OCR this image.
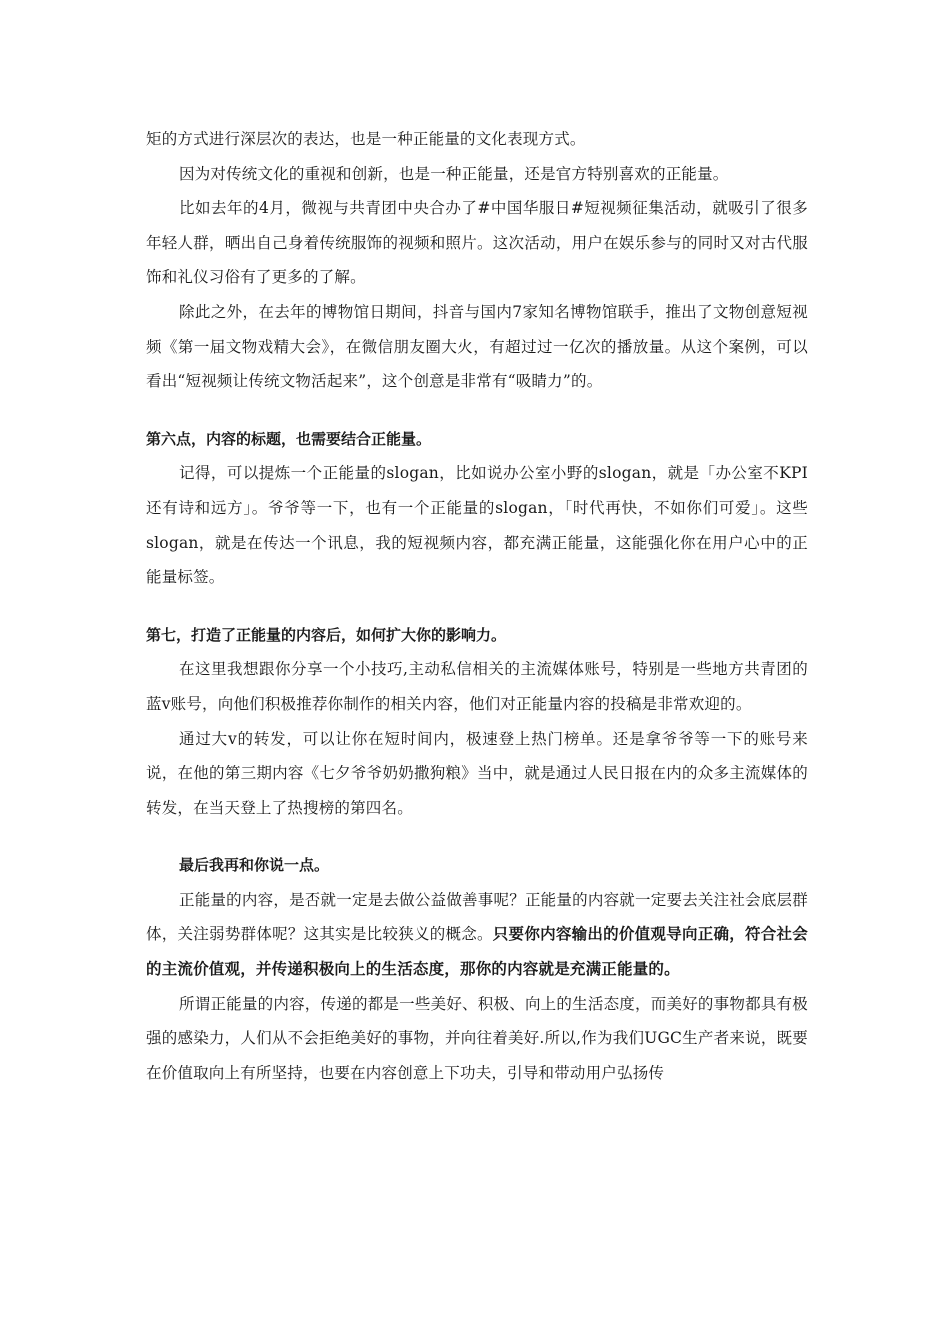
矩的方式进行深层次的表达，也是一种正能量的文化表现方式。

因为对传统文化的重视和创新，也是一种正能量，还是官方特别喜欢的正能量。

比如去年的4月，微视与共青团中央合办了#中国华服日#短视频征集活动，就吸引了很多年轻人群，晒出自己身着传统服饰的视频和照片。这次活动，用户在娱乐参与的同时又对古代服饰和礼仪习俗有了更多的了解。

除此之外，在去年的博物馆日期间，抖音与国内7家知名博物馆联手，推出了文物创意短视频《第一届文物戏精大会》，在微信朋友圈大火，有超过过一亿次的播放量。从这个案例，可以看出“短视频让传统文物活起来”，这个创意是非常有“吸睛力”的。

第六点，内容的标题，也需要结合正能量。

记得，可以提炼一个正能量的slogan，比如说办公室小野的slogan，就是「办公室不KPI还有诗和远方」。爷爷等一下，也有一个正能量的slogan，「时代再快，不如你们可爱」。这些slogan，就是在传达一个讯息，我的短视频内容，都充满正能量，这能强化你在用户心中的正能量标签。

第七，打造了正能量的内容后，如何扩大你的影响力。

在这里我想跟你分享一个小技巧,主动私信相关的主流媒体账号，特别是一些地方共青团的蓝v账号，向他们积极推荐你制作的相关内容，他们对正能量内容的投稿是非常欢迎的。

通过大v的转发，可以让你在短时间内，极速登上热门榜单。还是拿爷爷等一下的账号来说，在他的第三期内容《七夕爷爷奶奶撒狗粮》当中，就是通过人民日报在内的众多主流媒体的转发，在当天登上了热搜榜的第四名。

最后我再和你说一点。

正能量的内容，是否就一定是去做公益做善事呢？正能量的内容就一定要去关注社会底层群体，关注弱势群体呢？这其实是比较狭义的概念。只要你内容输出的价值观导向正确，符合社会的主流价值观，并传递积极向上的生活态度，那你的内容就是充满正能量的。

所谓正能量的内容，传递的都是一些美好、积极、向上的生活态度，而美好的事物都具有极强的感染力，人们从不会拒绝美好的事物，并向往着美好.所以,作为我们UGC生产者来说，既要在价值取向上有所坚持，也要在内容创意上下功夫，引导和带动用户弘扬传
